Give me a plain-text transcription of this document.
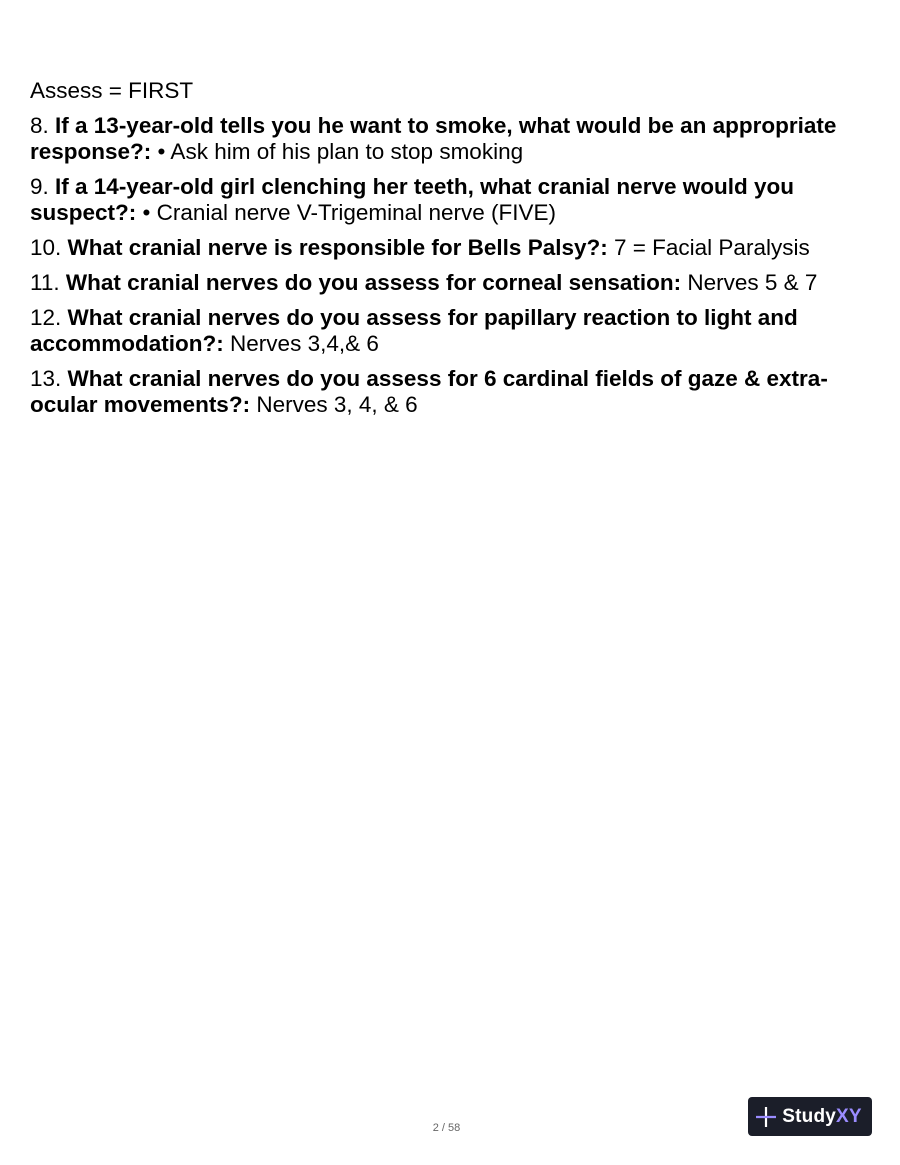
Assess = FIRST
8. If a 13-year-old tells you he want to smoke, what would be an appropriate response?: • Ask him of his plan to stop smoking
9. If a 14-year-old girl clenching her teeth, what cranial nerve would you suspect?: • Cranial nerve V-Trigeminal nerve (FIVE)
10. What cranial nerve is responsible for Bells Palsy?: 7 = Facial Paralysis
11. What cranial nerves do you assess for corneal sensation: Nerves 5 & 7
12. What cranial nerves do you assess for papillary reaction to light and accommodation?: Nerves 3,4,& 6
13. What cranial nerves do you assess for 6 cardinal fields of gaze & extra-ocular movements?: Nerves 3, 4, & 6
2 / 58
StudyXY
